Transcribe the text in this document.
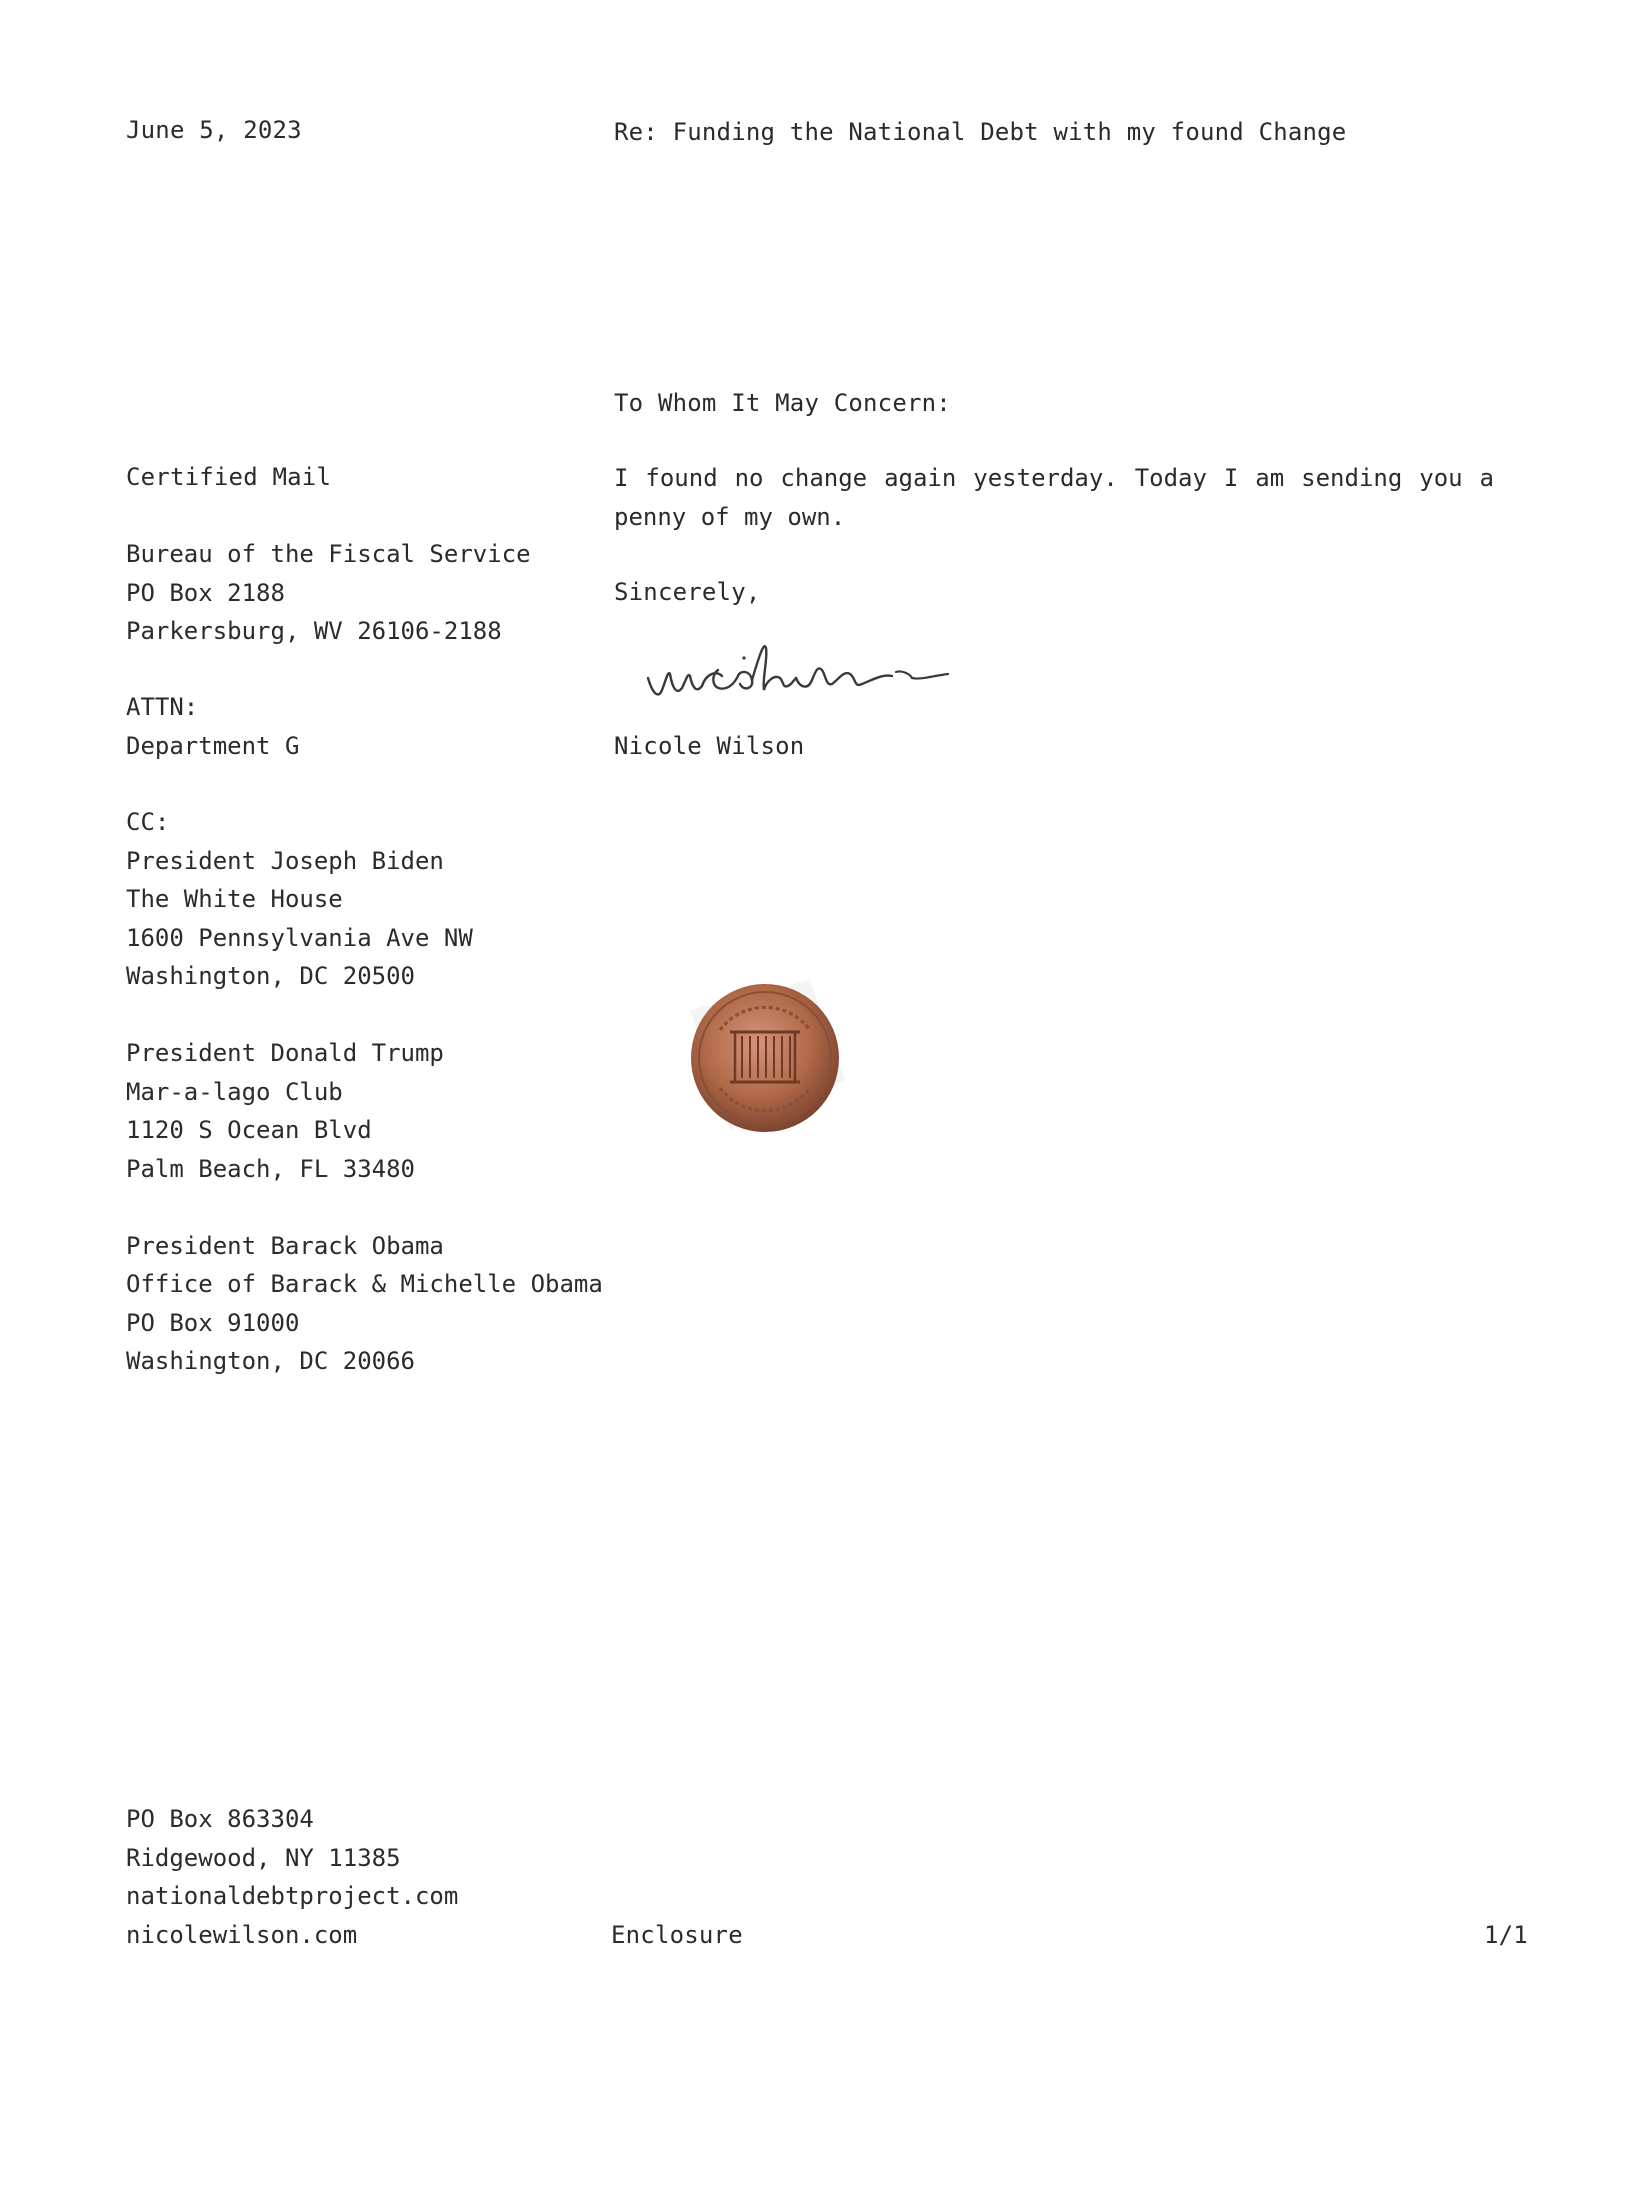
June 5, 2023	Re: Funding the National Debt with my found Change
To Whom It May Concern:
I found no change again yesterday. Today I am sending you a penny of my own.
Sincerely,
Nicole Wilson
Certified Mail
Bureau of the Fiscal Service
PO Box 2188
Parkersburg, WV 26106-2188
ATTN:
Department G
CC:
President Joseph Biden
The White House
1600 Pennsylvania Ave NW
Washington, DC 20500
President Donald Trump
Mar-a-lago Club
1120 S Ocean Blvd
Palm Beach, FL 33480
President Barack Obama
Office of Barack & Michelle Obama
PO Box 91000
Washington, DC 20066
PO Box 863304
Ridgewood, NY 11385
nationaldebtproject.com
nicolewilson.com	Enclosure	1/1
